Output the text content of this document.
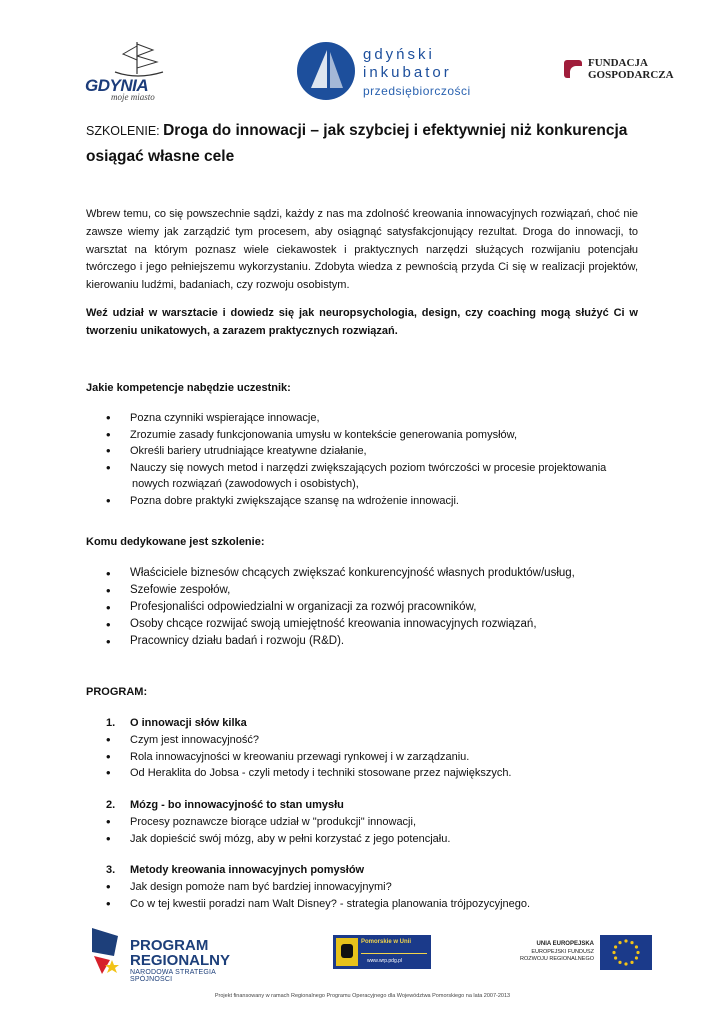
GDYNIA
moje miasto
gdyński
inkubator
przedsiębiorczości
FUNDACJA
GOSPODARCZA
SZKOLENIE: Droga do innowacji – jak szybciej i efektywniej niż konkurencja osiągać własne cele

Wbrew temu, co się powszechnie sądzi, każdy z nas ma zdolność kreowania innowacyjnych rozwiązań, choć nie zawsze wiemy jak zarządzić tym procesem, aby osiągnąć satysfakcjonujący rezultat. Droga do innowacji, to warsztat na którym poznasz wiele ciekawostek i praktycznych narzędzi służących rozwijaniu potencjału twórczego i jego pełniejszemu wykorzystaniu. Zdobyta wiedza z pewnością przyda Ci się w realizacji projektów, kierowaniu ludźmi, badaniach, czy rozwoju osobistym.

Weź udział w warsztacie i dowiedz się jak neuropsychologia, design, czy coaching mogą służyć Ci w tworzeniu unikatowych, a zarazem praktycznych rozwiązań.

Jakie kompetencje nabędzie uczestnik:
• Pozna czynniki wspierające innowacje,
• Zrozumie zasady funkcjonowania umysłu w kontekście generowania pomysłów,
• Określi bariery utrudniające kreatywne działanie,
• Nauczy się nowych metod i narzędzi zwiększających poziom twórczości w procesie projektowania
nowych rozwiązań (zawodowych i osobistych),
• Pozna dobre praktyki zwiększające szansę na wdrożenie innowacji.
Komu dedykowane jest szkolenie:
• Właściciele biznesów chcących zwiększać konkurencyjność własnych produktów/usług,
• Szefowie zespołów,
• Profesjonaliści odpowiedzialni w organizacji za rozwój pracowników,
• Osoby chcące rozwijać swoją umiejętność kreowania innowacyjnych rozwiązań,
• Pracownicy działu badań i rozwoju (R&D).
PROGRAM:
1. O innowacji słów kilka
• Czym jest innowacyjność?
• Rola innowacyjności w kreowaniu przewagi rynkowej i w zarządzaniu.
• Od Heraklita do Jobsa - czyli metody i techniki stosowane przez największych.
2. Mózg - bo innowacyjność to stan umysłu
• Procesy poznawcze biorące udział w "produkcji" innowacji,
• Jak dopieścić swój mózg, aby w pełni korzystać z jego potencjału.
3. Metody kreowania innowacyjnych pomysłów
• Jak design pomoże nam być bardziej innowacyjnymi?
• Co w tej kwestii poradzi nam Walt Disney? - strategia planowania trójpozycyjnego.
PROGRAM
REGIONALNY
NARODOWA STRATEGIA SPÓJNOŚCI
Pomorskie w Unii
www.wrp.pdg.pl
UNIA EUROPEJSKA
EUROPEJSKI FUNDUSZ
ROZWOJU REGIONALNEGO
Projekt finansowany w ramach Regionalnego Programu Operacyjnego dla Województwa Pomorskiego na lata 2007-2013
